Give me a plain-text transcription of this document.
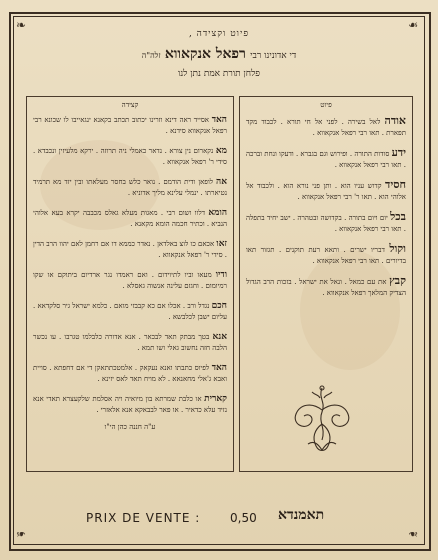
❧	❧
❧	❧
פיוט וקצידה ,
די אדונינו רבי רפאל אנקאווא זלה"ה
פלחן תורת אמת נתן לנו
פיוט
אודה לאל בשירה . לפני אל חי תורא . לכבוד מקד תפארת . תאו רבי רפאל אנקאווא .
ידע סודות התורה . ופירוש וגם בגברא . ודעקו ונחת וברכה . תאו רבי רפאל אנקאווא .
חסיד קדוש עניו הוא . ותן פני נורא הוא . ולכבוד אל אלוהי הוא . תאו ר' רבי רפאל אנקאווא .
בכל יום ויום בתורה . בקדושה ובטהרה . ישב יחיד בתפלה . תאו רבי רפאל אנקאווא .
וקול דבריו ישרים . ותאא רעת תוקנים . תגזור תאו בדיורים . תאו רבי רפאל אנקאווא .
קבץ את עם כמאל . ונאל את ישראל . בזכות הרב הגדול הצדיק המלאך רפאל אנקאווא .
קצידה
האד אסייד ראה דינא וזרינו יכתוב תכתב בקאנא ינגאייבו לו שכונא רבי רפאל אנקאווא סידנא .
מא נקארום נין צורא . נדאר כאמלי ניה תרוזה . ירקא מלעיזין ונכבדא . סידי ר' רפאל אנקאווא .
אה לופאן ודית הודמם . נואר כלש בחסר מעלאתו ובין יזד מא תרמיד נטיארתו . ינמלי עלינא מליך אדוניא .
הומא דלוו ושום רבי . מאגות מעלא גאלס מכבבה יקרא בעא אלוהי הנביא . וכתיר חכמה הומא מקאנא .
זאו אכאם כו לוצ באלדאן . נאדר כממא דו אם רחמן לאם יהוו הרב הדין . סידי ר' רפאל אנקאווא .
ודיו מעאו וביו לתיוידום . ואם ראמדו נגר ארדיום ביתוקם או שקו רמיומום . וחגזם עלינה אנשוה גאסלא .
חכם נגדל ורב . אכלו אם כא קבבזי מואם . כלמ‌א ישראל גיר סלקדאא . עליום ישבן לכלבשא .
אנא בטך מבתק תאד לבכאר . אנא אדורה כלבלמו טגרבו . עו נכשר הלבה חזה נחשוב גאלי ושו תמא .
האד לפיוס כתבתו ואנא נעקאק . אלמטכתתאקן די אם דחפתא . סויית ואבא ג'אלי מחאנאא . לא מויח תאד לאס יזינא .
קארית או כלבת שמרתא בון מיואיה ויה אסלמת שלקעצרא תאדי אנא נזיד עלא כדאיר . או פאר לבבאקא אנא אלאזרי .
ע"ה חננה כהן הי"ו
PRIX DE VENTE : 0,50 תאמנדא
